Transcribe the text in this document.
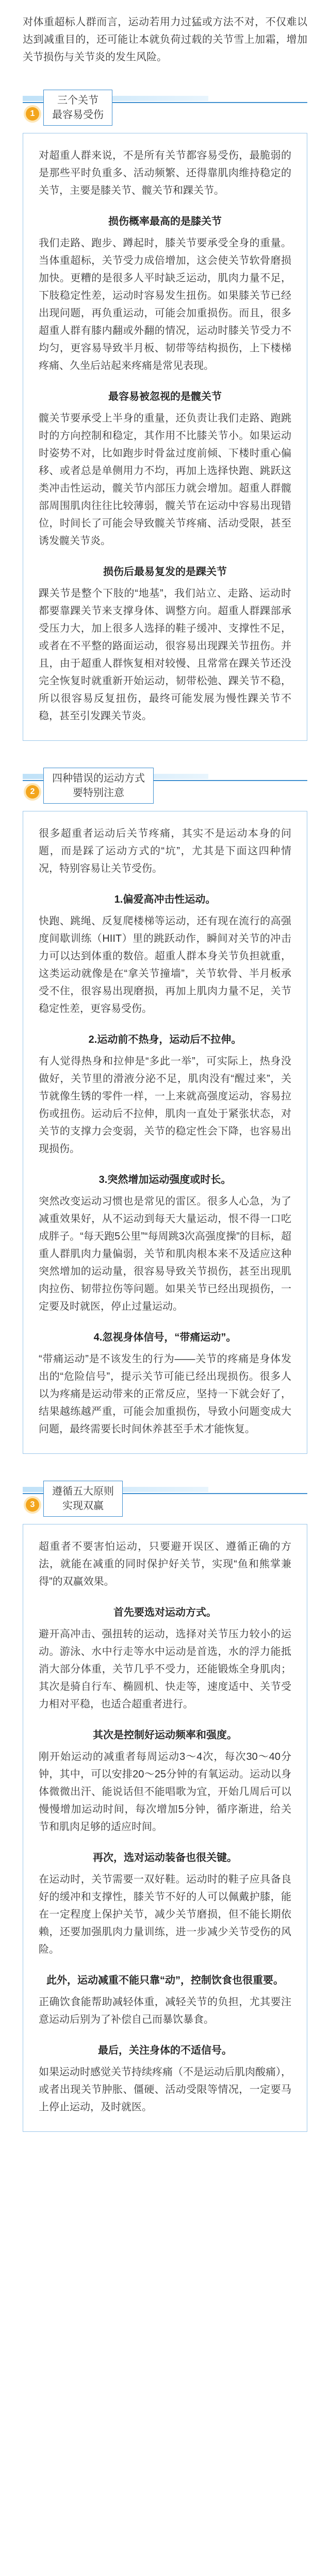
对体重超标人群而言，运动若用力过猛或方法不对，不仅难以达到减重目的，还可能让本就负荷过载的关节雪上加霜，增加关节损伤与关节炎的发生风险。
1
三个关节
最容易受伤

对超重人群来说，不是所有关节都容易受伤，最脆弱的是那些平时负重多、活动频繁、还得靠肌肉维持稳定的关节，主要是膝关节、髋关节和踝关节。

损伤概率最高的是膝关节

我们走路、跑步、蹲起时，膝关节要承受全身的重量。当体重超标，关节受力成倍增加，这会使关节软骨磨损加快。更糟的是很多人平时缺乏运动，肌肉力量不足，下肢稳定性差，运动时容易发生扭伤。如果膝关节已经出现问题，再负重运动，可能会加重损伤。而且，很多超重人群有膝内翻或外翻的情况，运动时膝关节受力不均匀，更容易导致半月板、韧带等结构损伤，上下楼梯疼痛、久坐后站起来疼痛是常见表现。

最容易被忽视的是髋关节

髋关节要承受上半身的重量，还负责让我们走路、跑跳时的方向控制和稳定，其作用不比膝关节小。如果运动时姿势不对，比如跑步时骨盆过度前倾、下楼时重心偏移、或者总是单侧用力不均，再加上选择快跑、跳跃这类冲击性运动，髋关节内部压力就会增加。超重人群髋部周围肌肉往往比较薄弱，髋关节在运动中容易出现错位，时间长了可能会导致髋关节疼痛、活动受限，甚至诱发髋关节炎。

损伤后最易复发的是踝关节

踝关节是整个下肢的“地基”，我们站立、走路、运动时都要靠踝关节来支撑身体、调整方向。超重人群踝部承受压力大，加上很多人选择的鞋子缓冲、支撑性不足，或者在不平整的路面运动，很容易出现踝关节扭伤。并且，由于超重人群恢复相对较慢、且常常在踝关节还没完全恢复时就重新开始运动，韧带松弛、踝关节不稳，所以很容易反复扭伤，最终可能发展为慢性踝关节不稳，甚至引发踝关节炎。

2
四种错误的运动方式
要特别注意

很多超重者运动后关节疼痛，其实不是运动本身的问题，而是踩了运动方式的“坑”，尤其是下面这四种情况，特别容易让关节受伤。

1.偏爱高冲击性运动。

快跑、跳绳、反复爬楼梯等运动，还有现在流行的高强度间歇训练（HIIT）里的跳跃动作，瞬间对关节的冲击力可以达到体重的数倍。超重人群本身关节负担就重，这类运动就像是在“拿关节撞墙”，关节软骨、半月板承受不住，很容易出现磨损，再加上肌肉力量不足，关节稳定性差，更容易受伤。

2.运动前不热身，运动后不拉伸。

有人觉得热身和拉伸是“多此一举”，可实际上，热身没做好，关节里的滑液分泌不足，肌肉没有“醒过来”，关节就像生锈的零件一样，一上来就高强度运动，容易拉伤或扭伤。运动后不拉伸，肌肉一直处于紧张状态，对关节的支撑力会变弱，关节的稳定性会下降，也容易出现损伤。

3.突然增加运动强度或时长。

突然改变运动习惯也是常见的雷区。很多人心急，为了减重效果好，从不运动到每天大量运动，恨不得一口吃成胖子。“每天跑5公里”“每周跳3次高强度操”的目标，超重人群肌肉力量偏弱，关节和肌肉根本来不及适应这种突然增加的运动量，很容易导致关节损伤，甚至出现肌肉拉伤、韧带拉伤等问题。如果关节已经出现损伤，一定要及时就医，停止过量运动。

4.忽视身体信号，“带痛运动”。

“带痛运动”是不该发生的行为——关节的疼痛是身体发出的“危险信号”，提示关节可能已经出现损伤。很多人以为疼痛是运动带来的正常反应，坚持一下就会好了，结果越练越严重，可能会加重损伤，导致小问题变成大问题，最终需要长时间休养甚至手术才能恢复。

3
遵循五大原则
实现双赢

超重者不要害怕运动，只要避开误区、遵循正确的方法，就能在减重的同时保护好关节，实现“鱼和熊掌兼得”的双赢效果。

首先要选对运动方式。

避开高冲击、强扭转的运动，选择对关节压力较小的运动。游泳、水中行走等水中运动是首选，水的浮力能抵消大部分体重，关节几乎不受力，还能锻炼全身肌肉；其次是骑自行车、椭圆机、快走等，速度适中、关节受力相对平稳，也适合超重者进行。

其次是控制好运动频率和强度。

刚开始运动的减重者每周运动3～4次，每次30～40分钟，其中，可以安排20～25分钟的有氧运动。运动以身体微微出汗、能说话但不能唱歌为宜，开始几周后可以慢慢增加运动时间，每次增加5分钟，循序渐进，给关节和肌肉足够的适应时间。

再次，选对运动装备也很关键。

在运动时，关节需要一双好鞋。运动时的鞋子应具备良好的缓冲和支撑性，膝关节不好的人可以佩戴护膝，能在一定程度上保护关节，减少关节磨损，但不能长期依赖，还要加强肌肉力量训练，进一步减少关节受伤的风险。

此外，运动减重不能只靠“动”，控制饮食也很重要。

正确饮食能帮助减轻体重，减轻关节的负担，尤其要注意运动后别为了补偿自己而暴饮暴食。

最后，关注身体的不适信号。

如果运动时感觉关节持续疼痛（不是运动后肌肉酸痛），或者出现关节肿胀、僵硬、活动受限等情况，一定要马上停止运动，及时就医。
